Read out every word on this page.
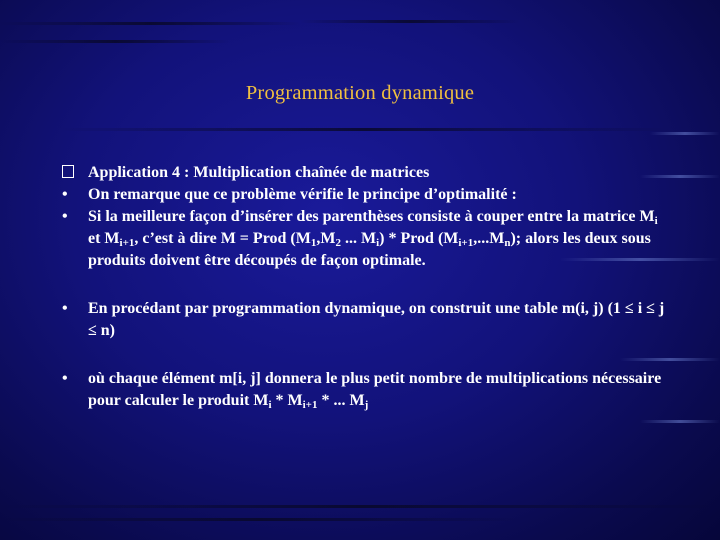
Programmation dynamique
Application 4 : Multiplication chaînée de matrices
•	On remarque que ce problème vérifie le principe d’optimalité :
•	Si la meilleure façon d’insérer des parenthèses consiste à couper entre la matrice $M_i$ et $M_{i+1}$, c’est à dire M = Prod ($M_1,M_2$ ... $M_i$) * Prod $(M_{i+1},...M_n)$; alors les deux sous produits doivent être découpés de façon optimale.
•	En procédant par programmation dynamique, on construit une table m(i, j) (1 ≤ i ≤ j ≤ n)
•	où chaque élément m[i, j] donnera le plus petit nombre de multiplications nécessaire pour calculer le produit $M_i * M_{i+1}$ * ... $M_j$
